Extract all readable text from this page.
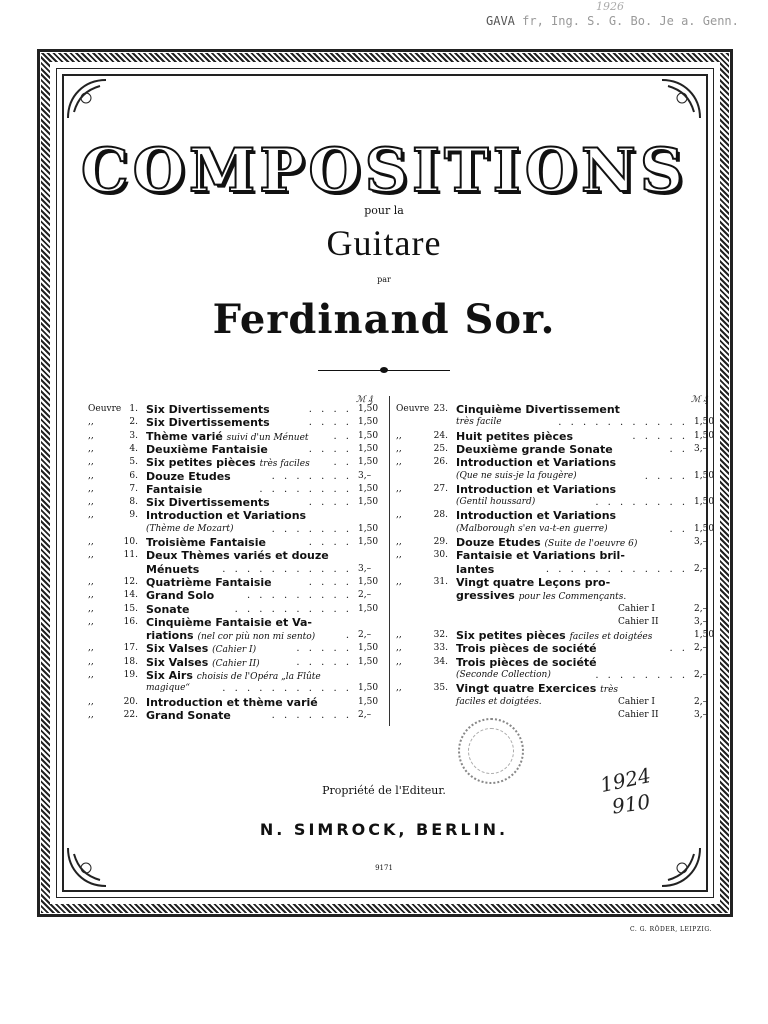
GAVA fr, Ing. S. G. Bo. Je a. Genn.
1926
COMPOSITIONS
pour la
Guitare
par
Ferdinand Sor.
ℳ ₰	ℳ ₰
Oeuvre 1. Six Divertissements	. . . . 1,50
,,	2. Six Divertissements	. . . . 1,50
,,	3. Thème varié suivi d'un Ménuet . . 1,50
,,	4. Deuxième Fantaisie	. . . . 1,50
,,	5. Six petites pièces très faciles . . 1,50
,,	6. Douze Etudes	. . . . . . . 3,–
,,	7. Fantaisie	. . . . . . . . 1,50
,,	8. Six Divertissements	. . . . 1,50
,,	9. Introduction et Variations
(Thème de Mozart)	. . . . . . . 1,50
,,	10. Troisième Fantaisie	. . . . 1,50
,,	11. Deux Thèmes variés et douze
Ménuets . . . . . . . . . . . 3,–
,,	12. Quatrième Fantaisie	. . . . 1,50
,,	14. Grand Solo	. . . . . . . . . 2,–
,,	15. Sonate	. . . . . . . . . . 1,50
,,	16. Cinquième Fantaisie et Va-
riations (nel cor più non mi sento)	. 2,–
,,	17. Six Valses (Cahier I)	. . . . . 1,50
,,	18. Six Valses (Cahier II)	. . . . . 1,50
,,	19. Six Airs choisis de l'Opéra „la Flûte
magique“	. . . . . . . . . . . 1,50
,,	20. Introduction et thème varié	1,50
,,	22. Grand Sonate	. . . . . . . 2,–
Oeuvre 23. Cinquième Divertissement
très facile	. . . . . . . . . . . 1,50
,,	24. Huit petites pièces	. . . . . 1,50
,,	25. Deuxième grande Sonate	. . 3,–
,,	26. Introduction et Variations
(Que ne suis-je la fougère)	. . . . 1,50
,,	27. Introduction et Variations
(Gentil houssard)	. . . . . . . . 1,50
,,	28. Introduction et Variations
(Malborough s'en va-t-en guerre)	. . 1,50
,,	29. Douze Etudes (Suite de l'oeuvre 6)	3,–
,,	30. Fantaisie et Variations bril-
lantes	. . . . . . . . . . . . 2,–
,,	31. Vingt quatre Leçons pro-
gressives pour les Commençants.
Cahier I	2,–
Cahier II	3,–
,,	32. Six petites pièces faciles et doigtées	1,50
,,	33. Trois pièces de société	. . 2,–
,,	34. Trois pièces de société
(Seconde Collection)	. . . . . . . . 2,–
,,	35. Vingt quatre Exercices très
faciles et doigtées.	Cahier I	2,–
Cahier II	3,–
1924
910
Propriété de l'Editeur.
N. SIMROCK, BERLIN.
9171
C. G. RÖDER, LEIPZIG.
